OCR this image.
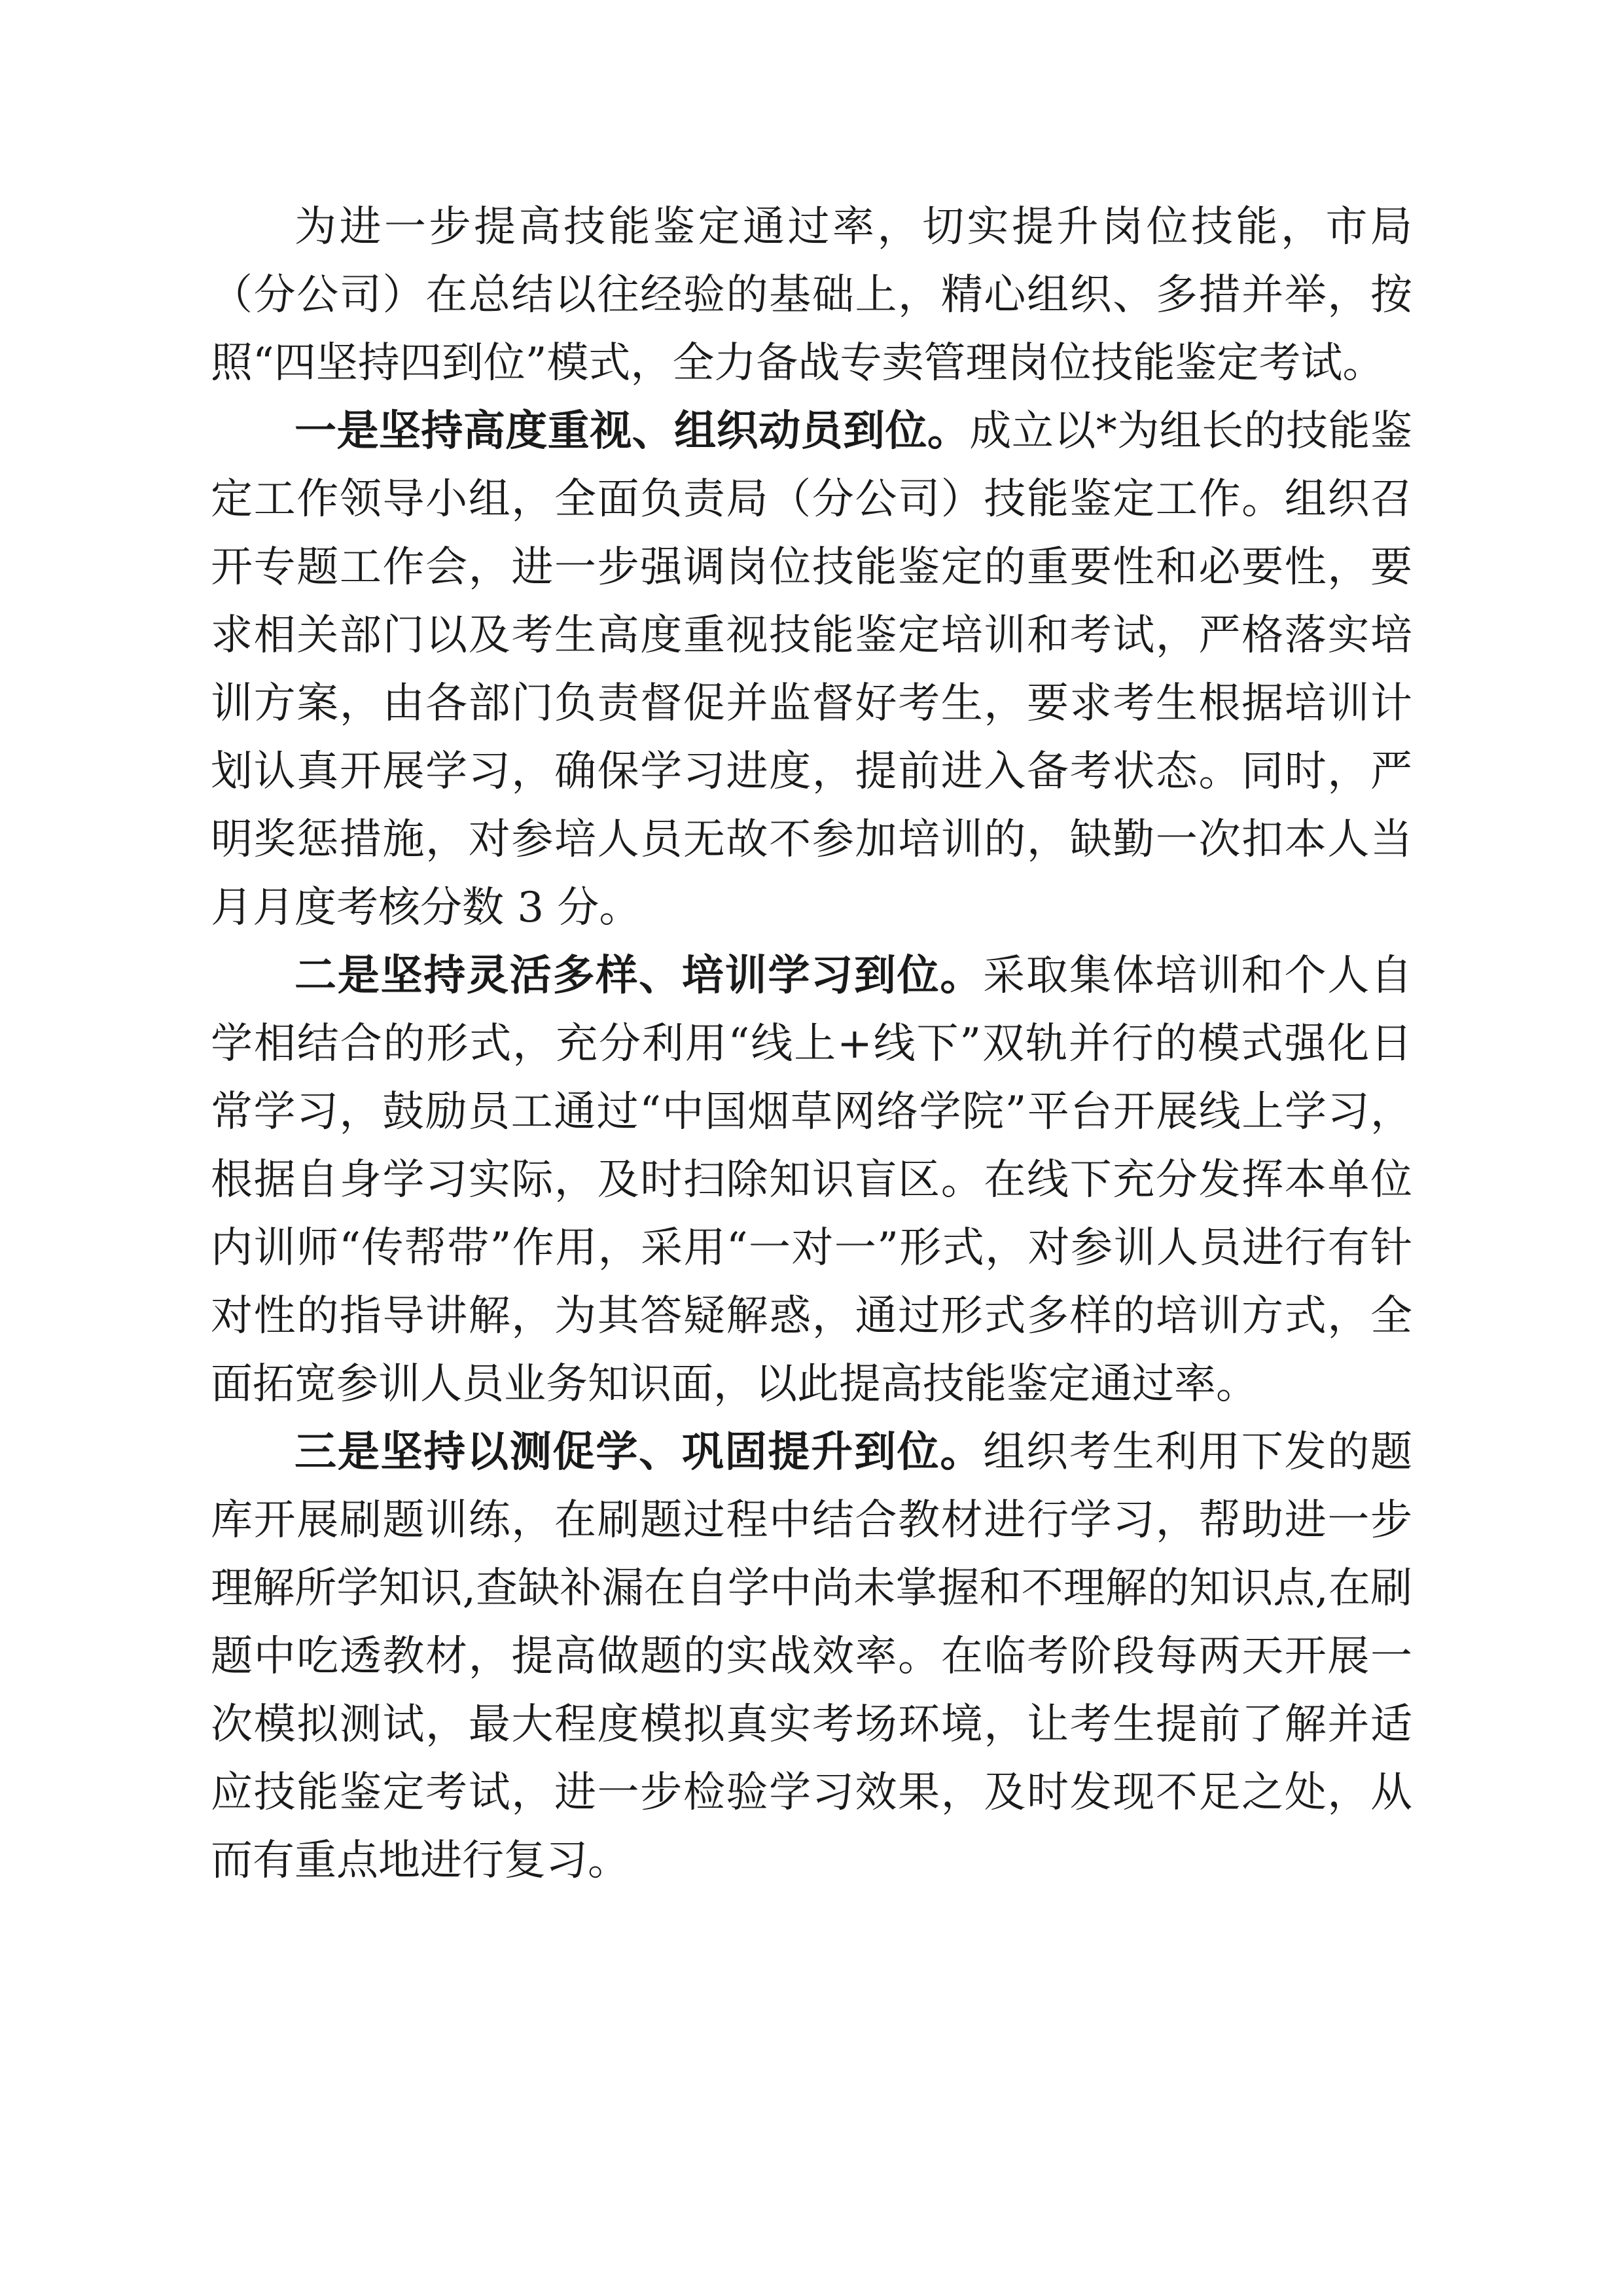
为进一步提高技能鉴定通过率，切实提升岗位技能，市局（分公司）在总结以往经验的基础上，精心组织、多措并举，按照“四坚持四到位”模式，全力备战专卖管理岗位技能鉴定考试。

一是坚持高度重视、组织动员到位。成立以*为组长的技能鉴定工作领导小组，全面负责局（分公司）技能鉴定工作。组织召开专题工作会，进一步强调岗位技能鉴定的重要性和必要性，要求相关部门以及考生高度重视技能鉴定培训和考试，严格落实培训方案，由各部门负责督促并监督好考生，要求考生根据培训计划认真开展学习，确保学习进度，提前进入备考状态。同时，严明奖惩措施，对参培人员无故不参加培训的，缺勤一次扣本人当月月度考核分数 3 分。

二是坚持灵活多样、培训学习到位。采取集体培训和个人自学相结合的形式，充分利用“线上+线下”双轨并行的模式强化日常学习，鼓励员工通过“中国烟草网络学院”平台开展线上学习，根据自身学习实际，及时扫除知识盲区。在线下充分发挥本单位内训师“传帮带”作用，采用“一对一”形式，对参训人员进行有针对性的指导讲解，为其答疑解惑，通过形式多样的培训方式，全面拓宽参训人员业务知识面，以此提高技能鉴定通过率。

三是坚持以测促学、巩固提升到位。组织考生利用下发的题库开展刷题训练，在刷题过程中结合教材进行学习，帮助进一步理解所学知识,查缺补漏在自学中尚未掌握和不理解的知识点,在刷题中吃透教材，提高做题的实战效率。在临考阶段每两天开展一次模拟测试，最大程度模拟真实考场环境，让考生提前了解并适应技能鉴定考试，进一步检验学习效果，及时发现不足之处，从而有重点地进行复习。
